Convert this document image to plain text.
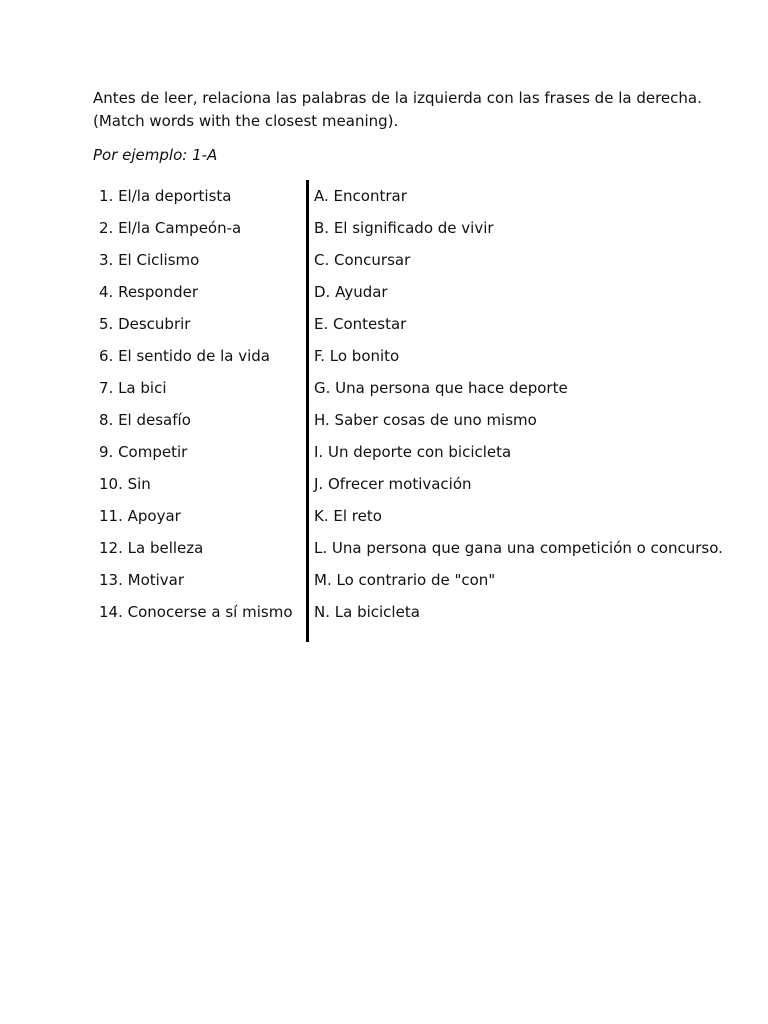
Antes de leer, relaciona las palabras de la izquierda con las frases de la derecha.
(Match words with the closest meaning).
Por ejemplo: 1-A
1. El/la deportista
2. El/la Campeón-a
3. El Ciclismo
4. Responder
5. Descubrir
6. El sentido de la vida
7. La bici
8. El desafío
9. Competir
10. Sin
11. Apoyar
12. La belleza
13. Motivar
14. Conocerse a sí mismo
A. Encontrar
B. El significado de vivir
C. Concursar
D. Ayudar
E. Contestar
F. Lo bonito
G. Una persona que hace deporte
H. Saber cosas de uno mismo
I. Un deporte con bicicleta
J. Ofrecer motivación
K. El reto
L. Una persona que gana una competición o concurso.
M. Lo contrario de "con"
N. La bicicleta
